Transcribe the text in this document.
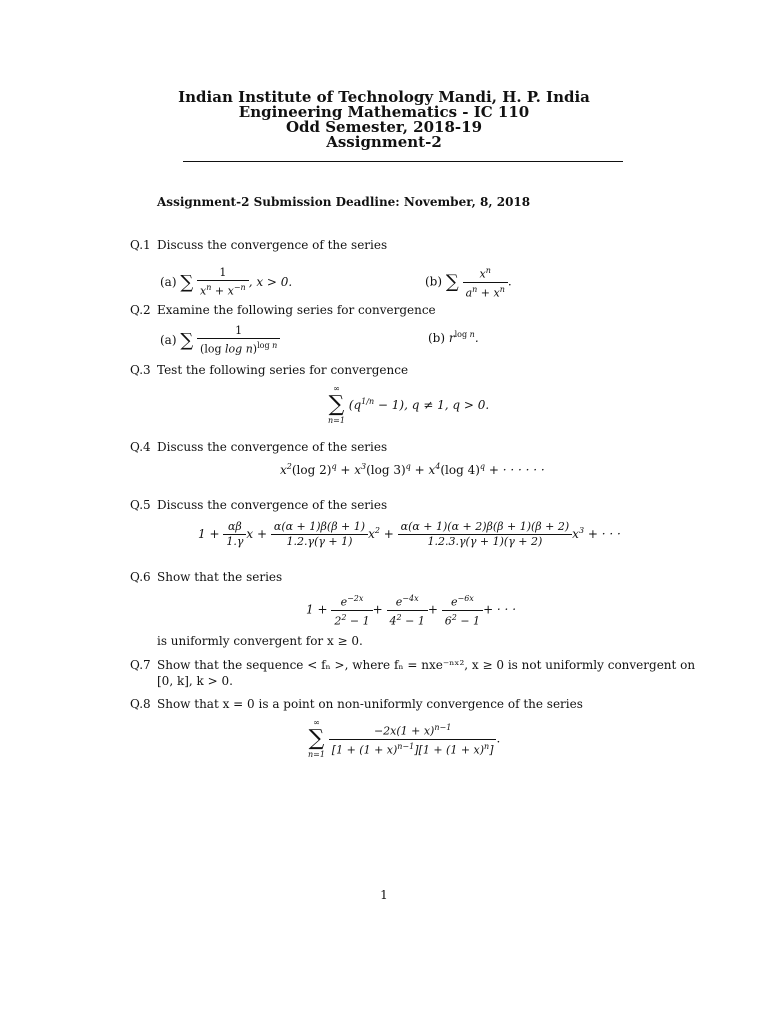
Indian Institute of Technology Mandi, H. P. India
Engineering Mathematics - IC 110
Odd Semester, 2018-19
Assignment-2
Assignment-2 Submission Deadline: November, 8, 2018
Q.1 Discuss the convergence of the series
(a) ∑ $\frac{1}{x^n + x^{-n}}$ , x > 0.	(b) ∑ $\frac{x^n}{a^n + x^n}$ .
Q.2 Examine the following series for convergence
(a) ∑ $\frac{1}{(\log \log n)^{log n}}$	(b) $r^{log n}$.
Q.3 Test the following series for convergence
∞
∑
n=1
$(q^{1/n} - 1)$, q ≠ 1, q > 0.
Q.4 Discuss the convergence of the series
$x^2(\log$ $2)^q + x^3(\log$ $3)^q + x^4(\log$ 4)$^q$ + · · · · · ·
Q.5 Discuss the convergence of the series
$1 + \frac{\alpha\beta}{1.\gamma}$ $x + \frac{\alpha(\alpha + 1)\beta(\beta + 1)}{1.2.\gamma(\gamma + 1)} x^2 + \frac{\alpha(\alpha + 1)(\alpha + 2)\beta(\beta + 1)(\beta + 2)}{1.2.3.\gamma(\gamma + 1)(\gamma + 2)} x^3$ + · · ·
Q.6 Show that the series
$1 + \frac{e^{-2x}}{2^2 - 1} + \frac{e^{-4x}}{4^2 - 1} + \frac{e^{-6x}}{6^2 - 1}$ + · · ·
is uniformly convergent for x ≥ 0.
Q.7 Show that the sequence < fₙ >, where fₙ = nxe⁻ⁿˣ², x ≥ 0 is not uniformly convergent on
[0, k], k > 0.
Q.8 Show that x = 0 is a point on non-uniformly convergence of the series
∞
∑
n=1
$\frac{-2x(1 + x)^{n-1}}{[1 + (1 + x)^{n-1}][1 + (1 + x)^n]}$ .
1
